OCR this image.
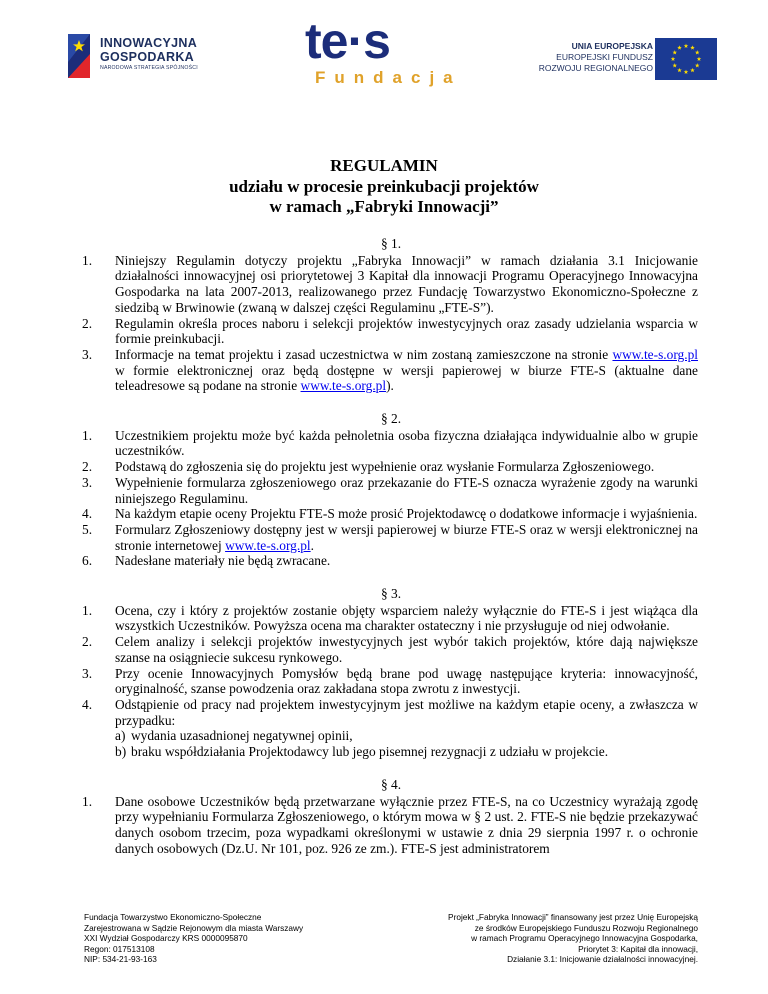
INNOWACYJNA
GOSPODARKA
NARODOWA STRATEGIA SPÓJNOŚCI te·s
Fundacja
UNIA EUROPEJSKA
EUROPEJSKI FUNDUSZ
ROZWOJU REGIONALNEGO
REGULAMIN
udziału w procesie preinkubacji projektów
w ramach „Fabryki Innowacji”
§ 1.
1. Niniejszy Regulamin dotyczy projektu „Fabryka Innowacji” w ramach działania 3.1 Inicjowanie działalności innowacyjnej osi priorytetowej 3 Kapitał dla innowacji Programu Operacyjnego Innowacyjna Gospodarka na lata 2007-2013, realizowanego przez Fundację Towarzystwo Ekonomiczno-Społeczne z siedzibą w Brwinowie (zwaną w dalszej części Regulaminu „FTE-S”).
2. Regulamin określa proces naboru i selekcji projektów inwestycyjnych oraz zasady udzielania wsparcia w formie preinkubacji.
3. Informacje na temat projektu i zasad uczestnictwa w nim zostaną zamieszczone na stronie www.te-s.org.pl w formie elektronicznej oraz będą dostępne w wersji papierowej w biurze FTE-S (aktualne dane teleadresowe są podane na stronie www.te-s.org.pl).
§ 2.
1. Uczestnikiem projektu może być każda pełnoletnia osoba fizyczna działająca indywidualnie albo w grupie uczestników.
2. Podstawą do zgłoszenia się do projektu jest wypełnienie oraz wysłanie Formularza Zgłoszeniowego.
3. Wypełnienie formularza zgłoszeniowego oraz przekazanie do FTE-S oznacza wyrażenie zgody na warunki niniejszego Regulaminu.
4. Na każdym etapie oceny Projektu FTE-S może prosić Projektodawcę o dodatkowe informacje i wyjaśnienia.
5. Formularz Zgłoszeniowy dostępny jest w wersji papierowej w biurze FTE-S oraz w wersji elektronicznej na stronie internetowej www.te-s.org.pl.
6. Nadesłane materiały nie będą zwracane.
§ 3.
1. Ocena, czy i który z projektów zostanie objęty wsparciem należy wyłącznie do FTE-S i jest wiążąca dla wszystkich Uczestników. Powyższa ocena ma charakter ostateczny i nie przysługuje od niej odwołanie.
2. Celem analizy i selekcji projektów inwestycyjnych jest wybór takich projektów, które dają największe szanse na osiągniecie sukcesu rynkowego.
3. Przy ocenie Innowacyjnych Pomysłów będą brane pod uwagę następujące kryteria: innowacyjność, oryginalność, szanse powodzenia oraz zakładana stopa zwrotu z inwestycji.
4. Odstąpienie od pracy nad projektem inwestycyjnym jest możliwe na każdym etapie oceny, a zwłaszcza w przypadku:
a) wydania uzasadnionej negatywnej opinii,
b) braku współdziałania Projektodawcy lub jego pisemnej rezygnacji z udziału w projekcie.
§ 4.
1. Dane osobowe Uczestników będą przetwarzane wyłącznie przez FTE-S, na co Uczestnicy wyrażają zgodę przy wypełnianiu Formularza Zgłoszeniowego, o którym mowa w § 2 ust. 2. FTE-S nie będzie przekazywać danych osobom trzecim, poza wypadkami określonymi w ustawie z dnia 29 sierpnia 1997 r. o ochronie danych osobowych (Dz.U. Nr 101, poz. 926 ze zm.). FTE-S jest administratorem
Fundacja Towarzystwo Ekonomiczno-Społeczne
Zarejestrowana w Sądzie Rejonowym dla miasta Warszawy
XXI Wydział Gospodarczy KRS 0000095870
Regon: 017513108
NIP: 534-21-93-163
Projekt „Fabryka Innowacji” finansowany jest przez Unię Europejską
ze środków Europejskiego Funduszu Rozwoju Regionalnego
w ramach Programu Operacyjnego Innowacyjna Gospodarka,
Priorytet 3: Kapitał dla innowacji,
Działanie 3.1: Inicjowanie działalności innowacyjnej.
